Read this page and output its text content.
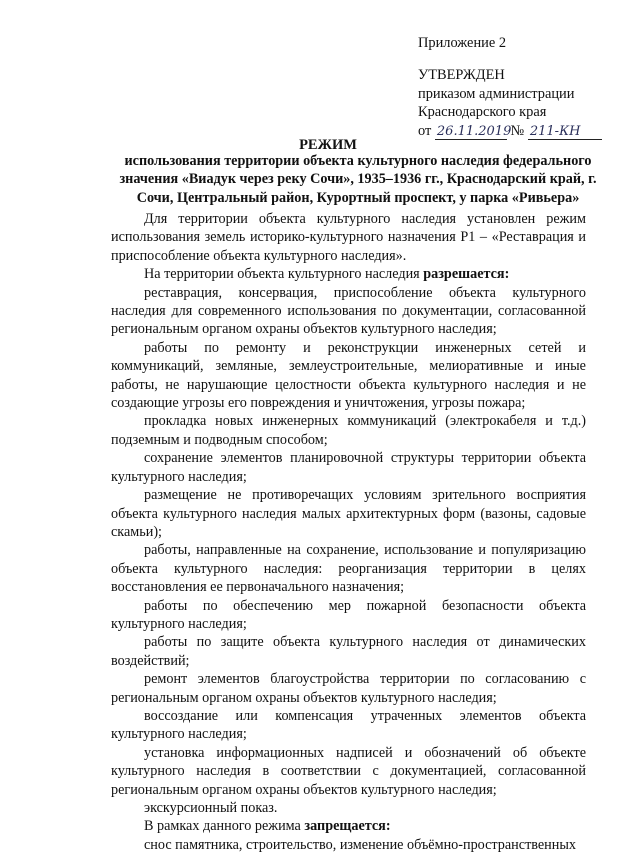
Приложение 2
УТВЕРЖДЕН
приказом администрации
Краснодарского края
от 26.11.2019 № 211-КН
РЕЖИМ
использования территории объекта культурного наследия федерального значения «Виадук через реку Сочи», 1935–1936 гг., Краснодарский край, г. Сочи, Центральный район, Курортный проспект, у парка «Ривьера»

Для территории объекта культурного наследия установлен режим использования земель историко-культурного назначения Р1 – «Реставрация и приспособление объекта культурного наследия».

На территории объекта культурного наследия разрешается:

реставрация, консервация, приспособление объекта культурного наследия для современного использования по документации, согласованной региональным органом охраны объектов культурного наследия;

работы по ремонту и реконструкции инженерных сетей и коммуникаций, земляные, землеустроительные, мелиоративные и иные работы, не нарушающие целостности объекта культурного наследия и не создающие угрозы его повреждения и уничтожения, угрозы пожара;

прокладка новых инженерных коммуникаций (электрокабеля и т.д.) подземным и подводным способом;

сохранение элементов планировочной структуры территории объекта культурного наследия;

размещение не противоречащих условиям зрительного восприятия объекта культурного наследия малых архитектурных форм (вазоны, садовые скамьи);

работы, направленные на сохранение, использование и популяризацию объекта культурного наследия: реорганизация территории в целях восстановления ее первоначального назначения;

работы по обеспечению мер пожарной безопасности объекта культурного наследия;

работы по защите объекта культурного наследия от динамических воздействий;

ремонт элементов благоустройства территории по согласованию с региональным органом охраны объектов культурного наследия;

воссоздание или компенсация утраченных элементов объекта культурного наследия;

установка информационных надписей и обозначений об объекте культурного наследия в соответствии с документацией, согласованной региональным органом охраны объектов культурного наследия;

экскурсионный показ.

В рамках данного режима запрещается:

снос памятника, строительство, изменение объёмно-пространственных
